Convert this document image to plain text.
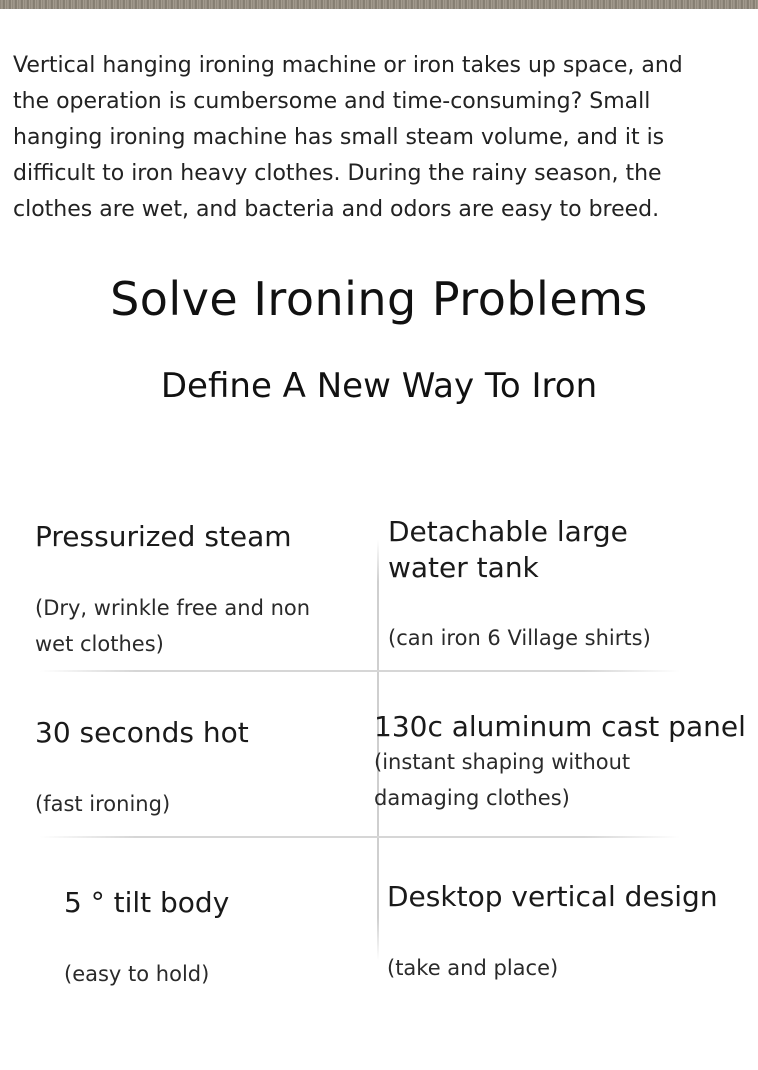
Vertical hanging ironing machine or iron takes up space, and
the operation is cumbersome and time-consuming? Small
hanging ironing machine has small steam volume, and it is
difficult to iron heavy clothes. During the rainy season, the
clothes are wet, and bacteria and odors are easy to breed.
Solve Ironing Problems
Define A New Way To Iron
Pressurized steam
(Dry, wrinkle free and non
wet clothes)
Detachable large
water tank
(can iron 6 Village shirts)
30 seconds hot
(fast ironing)
130c aluminum cast panel
(instant shaping without
damaging clothes)
5 ° tilt body
(easy to hold)
Desktop vertical design
(take and place)
